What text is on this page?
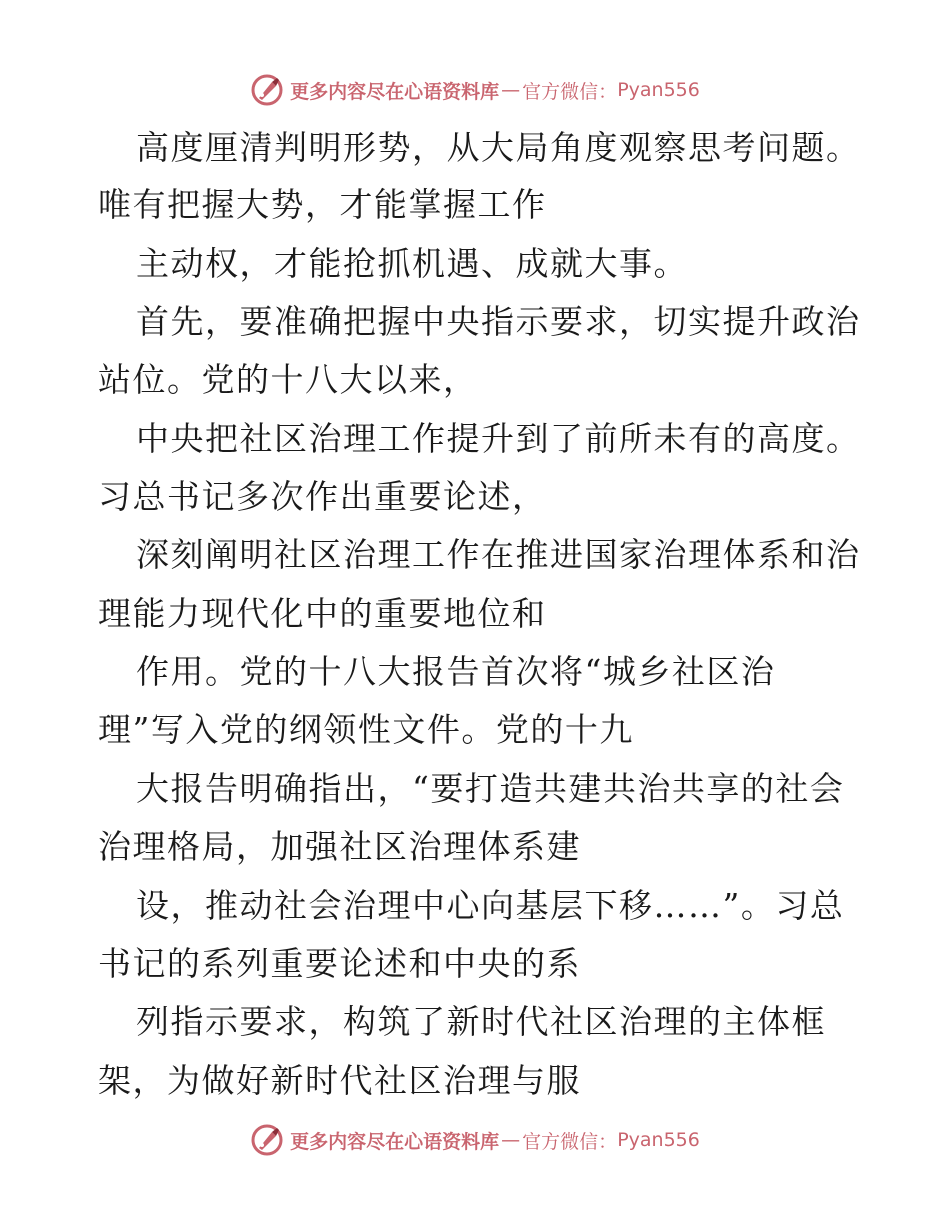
更多内容尽在心语资料库 — 官方微信： Pyan556
高度厘清判明形势，从大局角度观察思考问题。
唯有把握大势，才能掌握工作
主动权，才能抢抓机遇、成就大事。
首先，要准确把握中央指示要求，切实提升政治
站位。党的十八大以来，
中央把社区治理工作提升到了前所未有的高度。
习总书记多次作出重要论述，
深刻阐明社区治理工作在推进国家治理体系和治
理能力现代化中的重要地位和
作用。党的十八大报告首次将“城乡社区治
理”写入党的纲领性文件。党的十九
大报告明确指出，“要打造共建共治共享的社会
治理格局，加强社区治理体系建
设，推动社会治理中心向基层下移……”。习总
书记的系列重要论述和中央的系
列指示要求，构筑了新时代社区治理的主体框
架，为做好新时代社区治理与服
更多内容尽在心语资料库 — 官方微信： Pyan556
